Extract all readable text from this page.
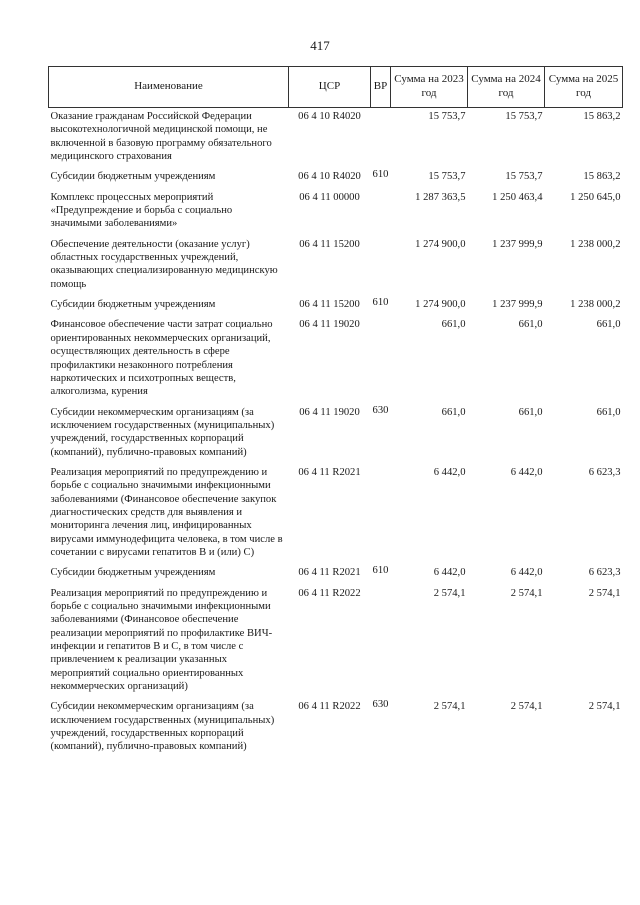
417
Наименование	ЦСР	ВР	Сумма на 2023 год	Сумма на 2024 год	Сумма на 2025 год
Оказание гражданам Российской Федерации высокотехнологичной медицинской помощи, не включенной в базовую программу обязательного медицинского страхования	06 4 10 R4020		15 753,7	15 753,7	15 863,2
Субсидии бюджетным учреждениям	06 4 10 R4020	610	15 753,7	15 753,7	15 863,2
Комплекс процессных мероприятий «Предупреждение и борьба с социально значимыми заболеваниями»	06 4 11 00000		1 287 363,5	1 250 463,4	1 250 645,0
Обеспечение деятельности (оказание услуг) областных государственных учреждений, оказывающих специализированную медицинскую помощь	06 4 11 15200		1 274 900,0	1 237 999,9	1 238 000,2
Субсидии бюджетным учреждениям	06 4 11 15200	610	1 274 900,0	1 237 999,9	1 238 000,2
Финансовое обеспечение части затрат социально ориентированных некоммерческих организаций, осуществляющих деятельность в сфере профилактики незаконного потребления наркотических и психотропных веществ, алкоголизма, курения	06 4 11 19020		661,0	661,0	661,0
Субсидии некоммерческим организациям (за исключением государственных (муниципальных) учреждений, государственных корпораций (компаний), публично-правовых компаний)	06 4 11 19020	630	661,0	661,0	661,0
Реализация мероприятий по предупреждению и борьбе с социально значимыми инфекционными заболеваниями (Финансовое обеспечение закупок диагностических средств для выявления и мониторинга лечения лиц, инфицированных вирусами иммунодефицита человека, в том числе в сочетании с вирусами гепатитов В и (или) С)	06 4 11 R2021		6 442,0	6 442,0	6 623,3
Субсидии бюджетным учреждениям	06 4 11 R2021	610	6 442,0	6 442,0	6 623,3
Реализация мероприятий по предупреждению и борьбе с социально значимыми инфекционными заболеваниями (Финансовое обеспечение реализации мероприятий по профилактике ВИЧ-инфекции и гепатитов В и С, в том числе с привлечением к реализации указанных мероприятий социально ориентированных некоммерческих организаций)	06 4 11 R2022		2 574,1	2 574,1	2 574,1
Субсидии некоммерческим организациям (за исключением государственных (муниципальных) учреждений, государственных корпораций (компаний), публично-правовых компаний)	06 4 11 R2022	630	2 574,1	2 574,1	2 574,1
